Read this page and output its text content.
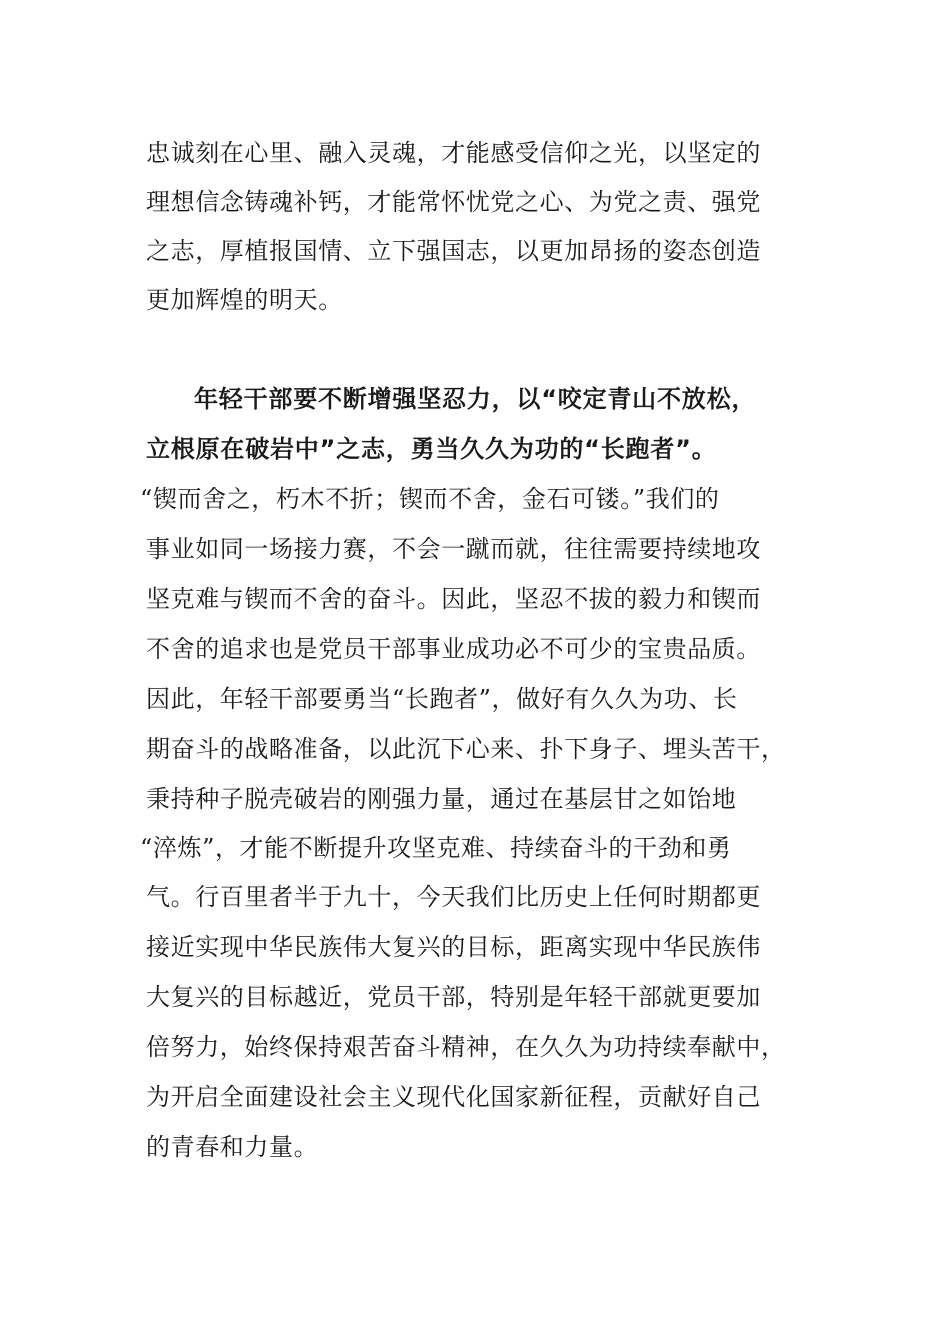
忠诚刻在心里、融入灵魂，才能感受信仰之光，以坚定的
理想信念铸魂补钙，才能常怀忧党之心、为党之责、强党
之志，厚植报国情、立下强国志，以更加昂扬的姿态创造
更加辉煌的明天。
年轻干部要不断增强坚忍力，以“咬定青山不放松，
立根原在破岩中”之志，勇当久久为功的“长跑者”。
“锲而舍之，朽木不折；锲而不舍，金石可镂。”我们的
事业如同一场接力赛，不会一蹴而就，往往需要持续地攻
坚克难与锲而不舍的奋斗。因此，坚忍不拔的毅力和锲而
不舍的追求也是党员干部事业成功必不可少的宝贵品质。
因此，年轻干部要勇当“长跑者”，做好有久久为功、长
期奋斗的战略准备，以此沉下心来、扑下身子、埋头苦干，
秉持种子脱壳破岩的刚强力量，通过在基层甘之如饴地
“淬炼”，才能不断提升攻坚克难、持续奋斗的干劲和勇
气。行百里者半于九十，今天我们比历史上任何时期都更
接近实现中华民族伟大复兴的目标，距离实现中华民族伟
大复兴的目标越近，党员干部，特别是年轻干部就更要加
倍努力，始终保持艰苦奋斗精神，在久久为功持续奉献中，
为开启全面建设社会主义现代化国家新征程，贡献好自己
的青春和力量。
